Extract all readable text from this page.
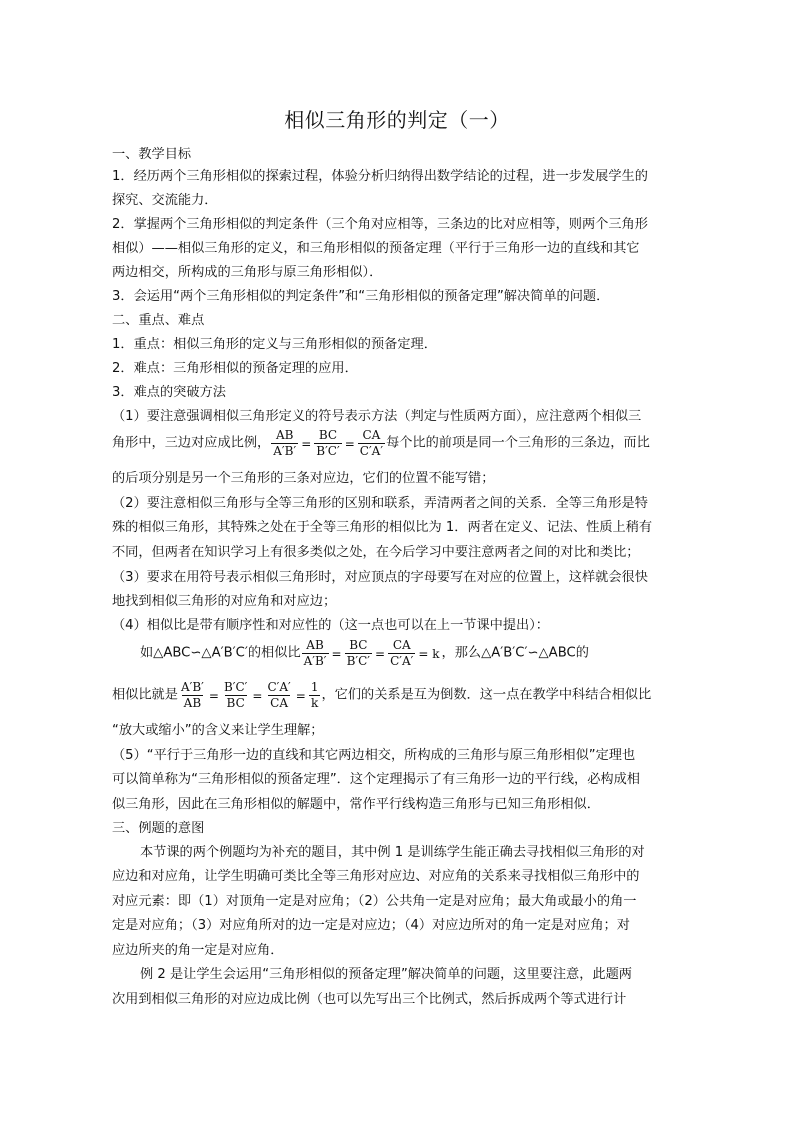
相似三角形的判定（一）
一、教学目标
1．经历两个三角形相似的探索过程，体验分析归纳得出数学结论的过程，进一步发展学生的
探究、交流能力．
2．掌握两个三角形相似的判定条件（三个角对应相等，三条边的比对应相等，则两个三角形
相似）——相似三角形的定义，和三角形相似的预备定理（平行于三角形一边的直线和其它
两边相交，所构成的三角形与原三角形相似）．
3．会运用“两个三角形相似的判定条件”和“三角形相似的预备定理”解决简单的问题．
二、重点、难点
1．重点：相似三角形的定义与三角形相似的预备定理．
2．难点：三角形相似的预备定理的应用．
3．难点的突破方法
（1）要注意强调相似三角形定义的符号表示方法（判定与性质两方面），应注意两个相似三
角形中，三边对应成比例， $\frac{AB}{A'B'} = \frac{BC}{B'C'} = \frac{CA}{C'A'}$ 每个比的前项是同一个三角形的三条边，而比
的后项分别是另一个三角形的三条对应边，它们的位置不能写错；
（2）要注意相似三角形与全等三角形的区别和联系，弄清两者之间的关系．全等三角形是特
殊的相似三角形，其特殊之处在于全等三角形的相似比为 1．两者在定义、记法、性质上稍有
不同，但两者在知识学习上有很多类似之处，在今后学习中要注意两者之间的对比和类比；
（3）要求在用符号表示相似三角形时，对应顶点的字母要写在对应的位置上，这样就会很快
地找到相似三角形的对应角和对应边；
（4）相似比是带有顺序性和对应性的（这一点也可以在上一节课中提出）：
如△ABC∽△A′B′C′的相似比 $\frac{AB}{A'B'} = \frac{BC}{B'C'} = \frac{CA}{C'A'} = k$ ，那么△A′B′C′∽△ABC的
相似比就是 $\frac{A'B'}{AB} = \frac{B'C'}{BC} = \frac{C'A'}{CA} = \frac{1}{k}$ ，它们的关系是互为倒数．这一点在教学中科结合相似比
“放大或缩小”的含义来让学生理解；
（5）“平行于三角形一边的直线和其它两边相交，所构成的三角形与原三角形相似”定理也
可以简单称为“三角形相似的预备定理”．这个定理揭示了有三角形一边的平行线，必构成相
似三角形，因此在三角形相似的解题中，常作平行线构造三角形与已知三角形相似．
三、例题的意图
本节课的两个例题均为补充的题目，其中例 1 是训练学生能正确去寻找相似三角形的对
应边和对应角，让学生明确可类比全等三角形对应边、对应角的关系来寻找相似三角形中的
对应元素：即（1）对顶角一定是对应角；（2）公共角一定是对应角；最大角或最小的角一
定是对应角；（3）对应角所对的边一定是对应边；（4）对应边所对的角一定是对应角；对
应边所夹的角一定是对应角．
例 2 是让学生会运用“三角形相似的预备定理”解决简单的问题，这里要注意，此题两
次用到相似三角形的对应边成比例（也可以先写出三个比例式，然后拆成两个等式进行计
